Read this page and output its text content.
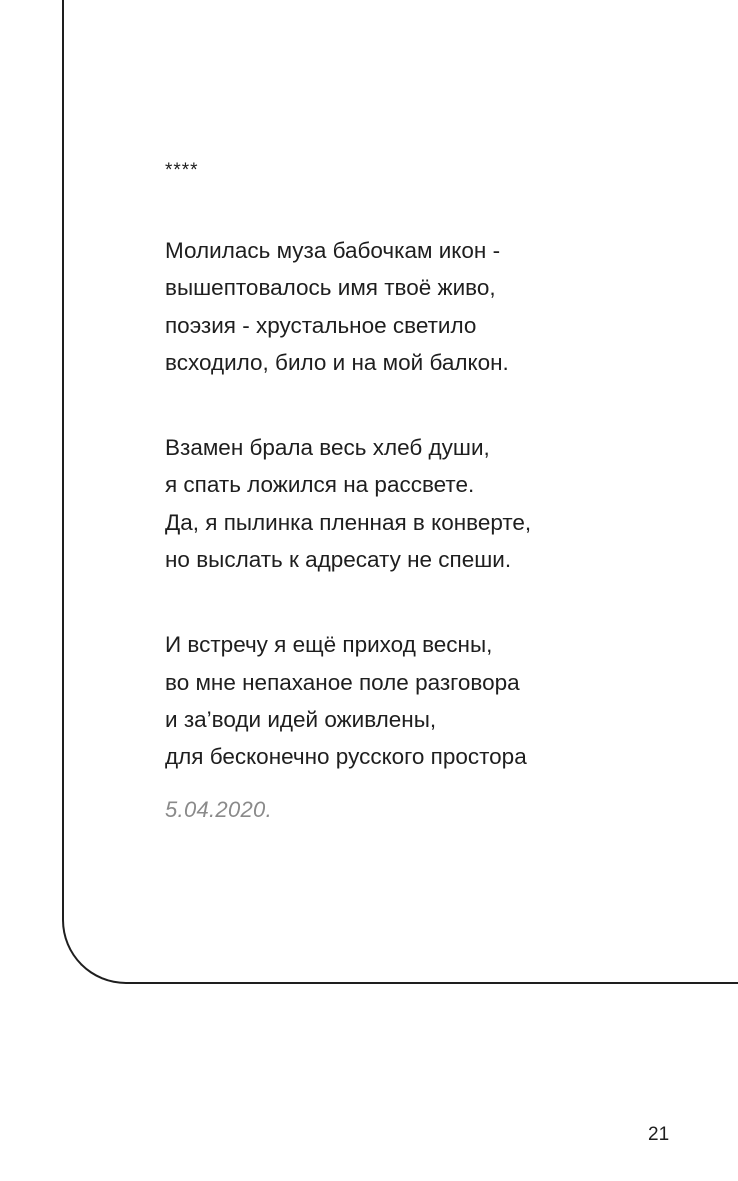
****

Молилась муза бабочкам икон -

вышептовалось имя твоё живо,

поэзия - хрустальное светило

всходило, било и на мой балкон.

Взамен брала весь хлеб души,

я спать ложился на рассвете.

Да, я пылинка пленная в конверте,

но выслать к адресату не спеши.

И встречу я ещё приход весны,

во мне непаханое поле разговора

и за’води идей оживлены,

для бесконечно русского простора

5.04.2020.
21
